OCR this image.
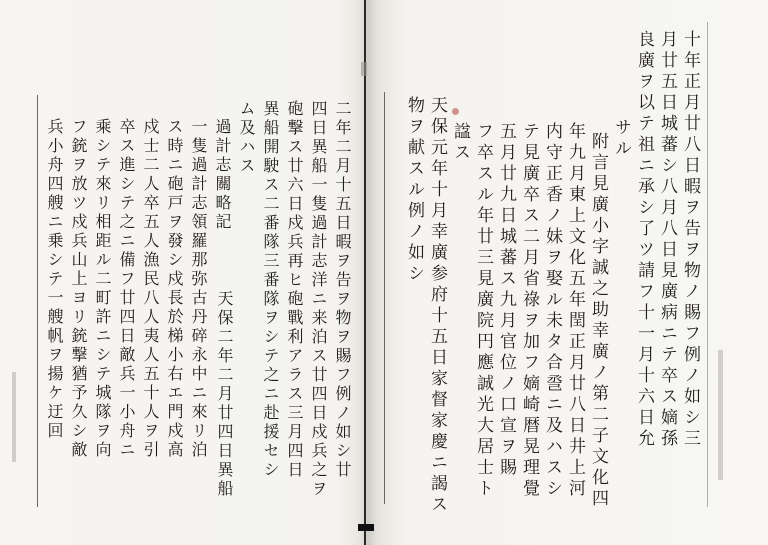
二年二月十五日暇ヲ告ヲ物ヲ賜フ例ノ如シ廿
四日異船一隻過計志洋ニ来泊ス廿四日戍兵之ヲ
砲撃ス廿六日戍兵再ヒ砲戰利アラス三月四日
異船開駛ス二番隊三番隊ヲシテ之ニ赴援セシ
ム及ハス
過計志關略記
天保二年二月廿四日異船
一隻過計志領羅那弥古丹碎永中ニ來リ泊
ス時ニ砲戸ヲ發シ戍長於梯小右エ門戍高
戍士二人卒五人漁民八人夷人五十人ヲ引
卒ス進シテ之ニ備フ廿四日敵兵一小舟ニ
乘シテ來リ相距ル二町許ニシテ城隊ヲ向
フ銃ヲ放ツ戍兵山上ヨリ銃撃猶予久シ敵
兵小舟四艘ニ乗シテ一艘帆ヲ揚ケ迂回	十年正月廿八日暇ヲ告ヲ物ノ賜フ例ノ如シ三
月廿五日城蕃シ八月八日見廣病ニテ卒ス嫡孫
良廣ヲ以テ祖ニ承シ了ツ請フ十一月十六日允
サル
附言見廣小字誠之助幸廣ノ第二子文化四
年九月東上文化五年閏正月廿八日井上河
内守正香ノ妹ヲ娶ル未タ合巹ニ及ハスシ
テ見廣卒ス二月省祿ヲ加フ嫡崎暦晃理覺
五月廿九日城蕃ス九月官位ノ口宣ヲ賜
フ卒スル年廿三見廣院円應誠光大居士ト
諡ス
天保元年十月幸廣参府十五日家督家慶ニ謁ス
物ヲ献スル例ノ如シ
